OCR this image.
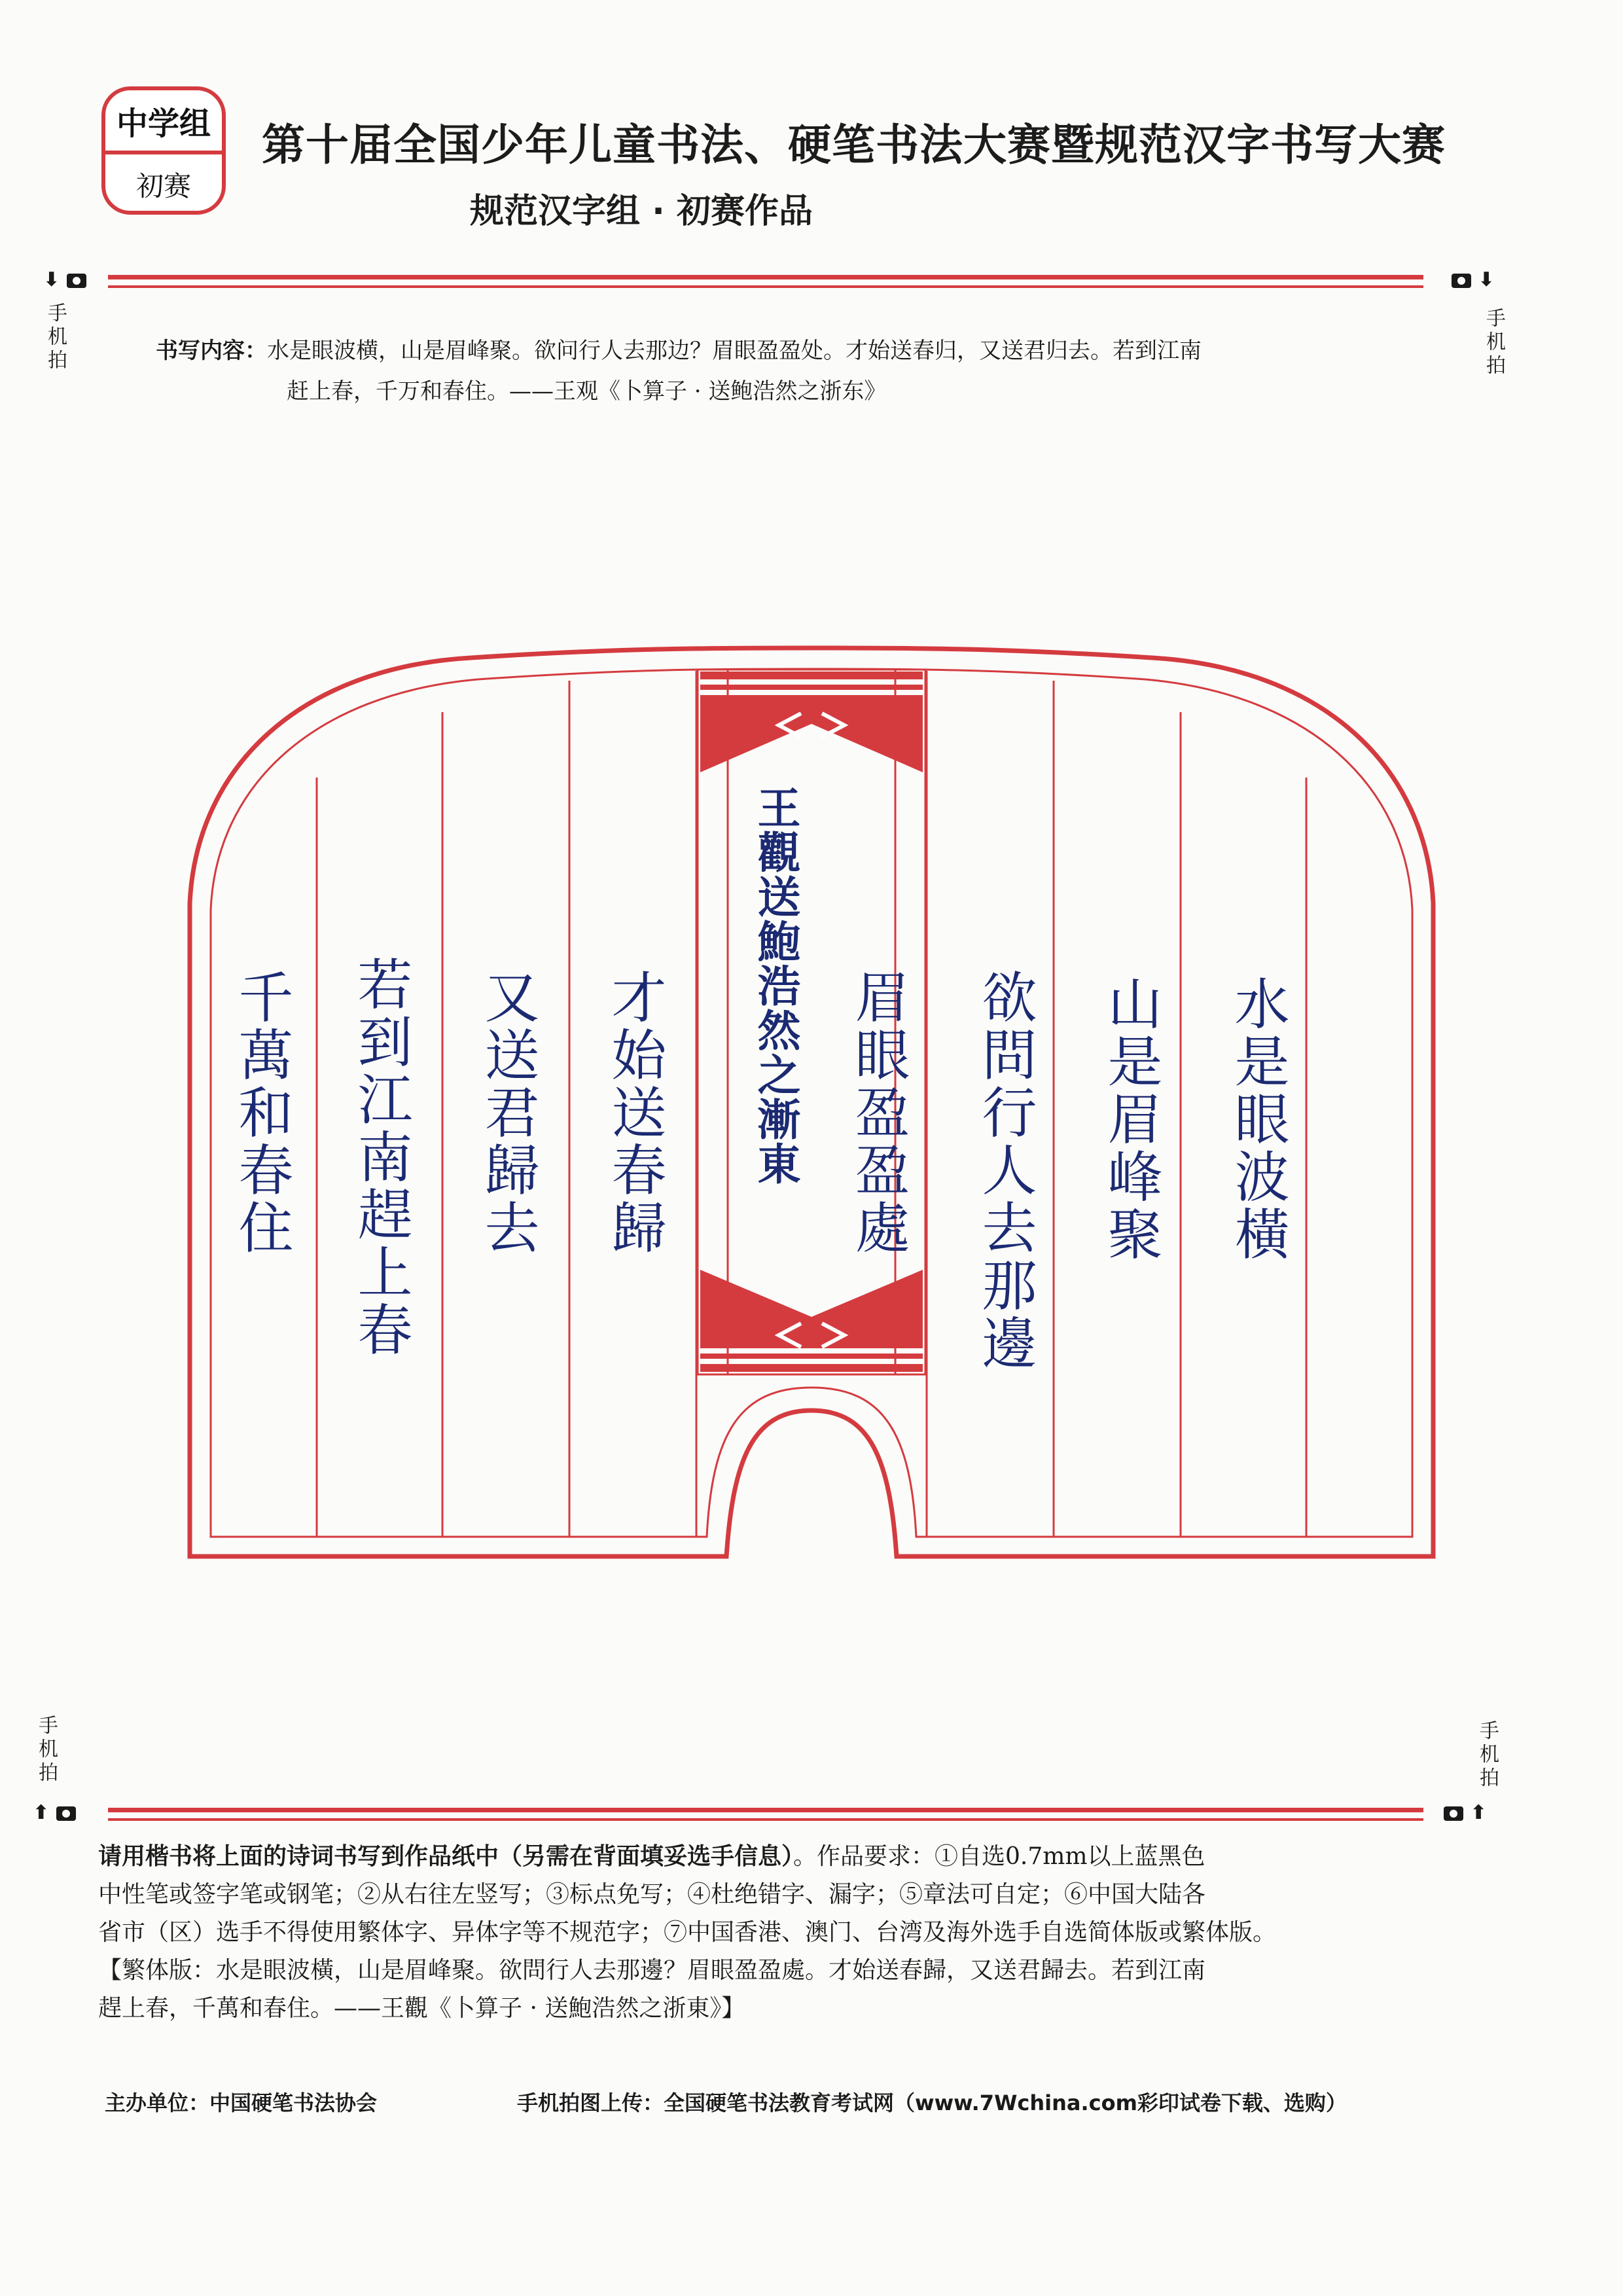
中学组
初赛
第十届全国少年儿童书法、硬笔书法大赛暨规范汉字书写大赛
规范汉字组 · 初赛作品
⬇
手机拍
⬇
手机拍
书写内容：水是眼波横，山是眉峰聚。欲问行人去那边？眉眼盈盈处。才始送春归，又送君归去。若到江南
赶上春，千万和春住。——王观《卜算子 · 送鲍浩然之浙东》
水是眼波橫
山是眉峰聚
欲問行人去那邊
眉眼盈盈處
王觀送鮑浩然之漸東
才始送春歸
又送君歸去
若到江南趕上春
千萬和春住
手机拍
⬆
手机拍
⬆
请用楷书将上面的诗词书写到作品纸中（另需在背面填妥选手信息）。作品要求：①自选0.7mm以上蓝黑色
中性笔或签字笔或钢笔；②从右往左竖写；③标点免写；④杜绝错字、漏字；⑤章法可自定；⑥中国大陆各
省市（区）选手不得使用繁体字、异体字等不规范字；⑦中国香港、澳门、台湾及海外选手自选简体版或繁体版。
【繁体版：水是眼波橫，山是眉峰聚。欲問行人去那邊？眉眼盈盈處。才始送春歸，又送君歸去。若到江南
趕上春，千萬和春住。——王觀《卜算子 · 送鮑浩然之浙東》】
主办单位：中国硬笔书法协会	手机拍图上传：全国硬笔书法教育考试网（www.7Wchina.com彩印试卷下载、选购）
